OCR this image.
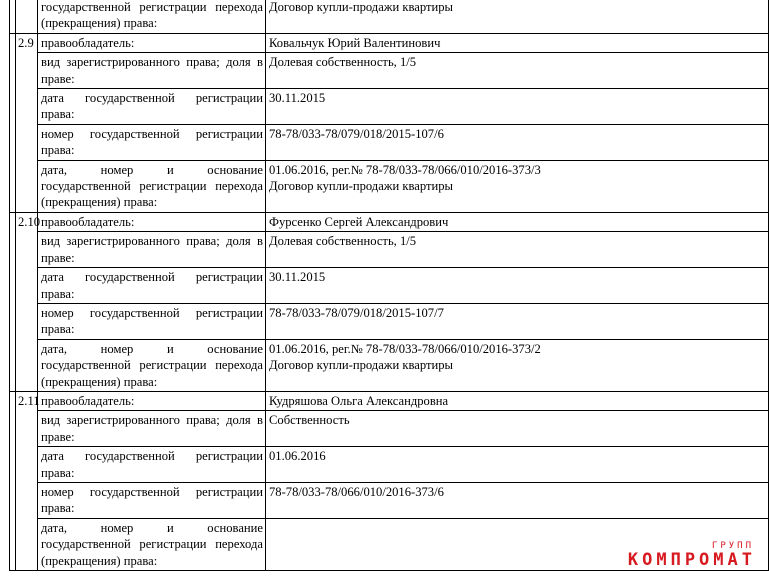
		государственной регистрации перехода (прекращения) права:	Договор купли-продажи квартиры
	2.9	правообладатель:	Ковальчук Юрий Валентинович
		вид зарегистрированного права; доля в праве:	Долевая собственность, 1/5
		дата государственной регистрации права:	30.11.2015
		номер государственной регистрации права:	78-78/033-78/079/018/2015-107/6
		дата, номер и основание государственной регистрации перехода (прекращения) права:	01.06.2016, рег.№ 78-78/033-78/066/010/2016-373/3
Договор купли-продажи квартиры

	2.10	правообладатель:	Фурсенко Сергей Александрович
		вид зарегистрированного права; доля в праве:	Долевая собственность, 1/5
		дата государственной регистрации права:	30.11.2015
		номер государственной регистрации права:	78-78/033-78/079/018/2015-107/7
		дата, номер и основание государственной регистрации перехода (прекращения) права:	01.06.2016, рег.№ 78-78/033-78/066/010/2016-373/2
Договор купли-продажи квартиры

	2.11	правообладатель:	Кудряшова Ольга Александровна
		вид зарегистрированного права; доля в праве:	Собственность
		дата государственной регистрации права:	01.06.2016
		номер государственной регистрации права:	78-78/033-78/066/010/2016-373/6
		дата, номер и основание государственной регистрации перехода (прекращения) права:	
ГРУПП
КОМПРОМАТ
